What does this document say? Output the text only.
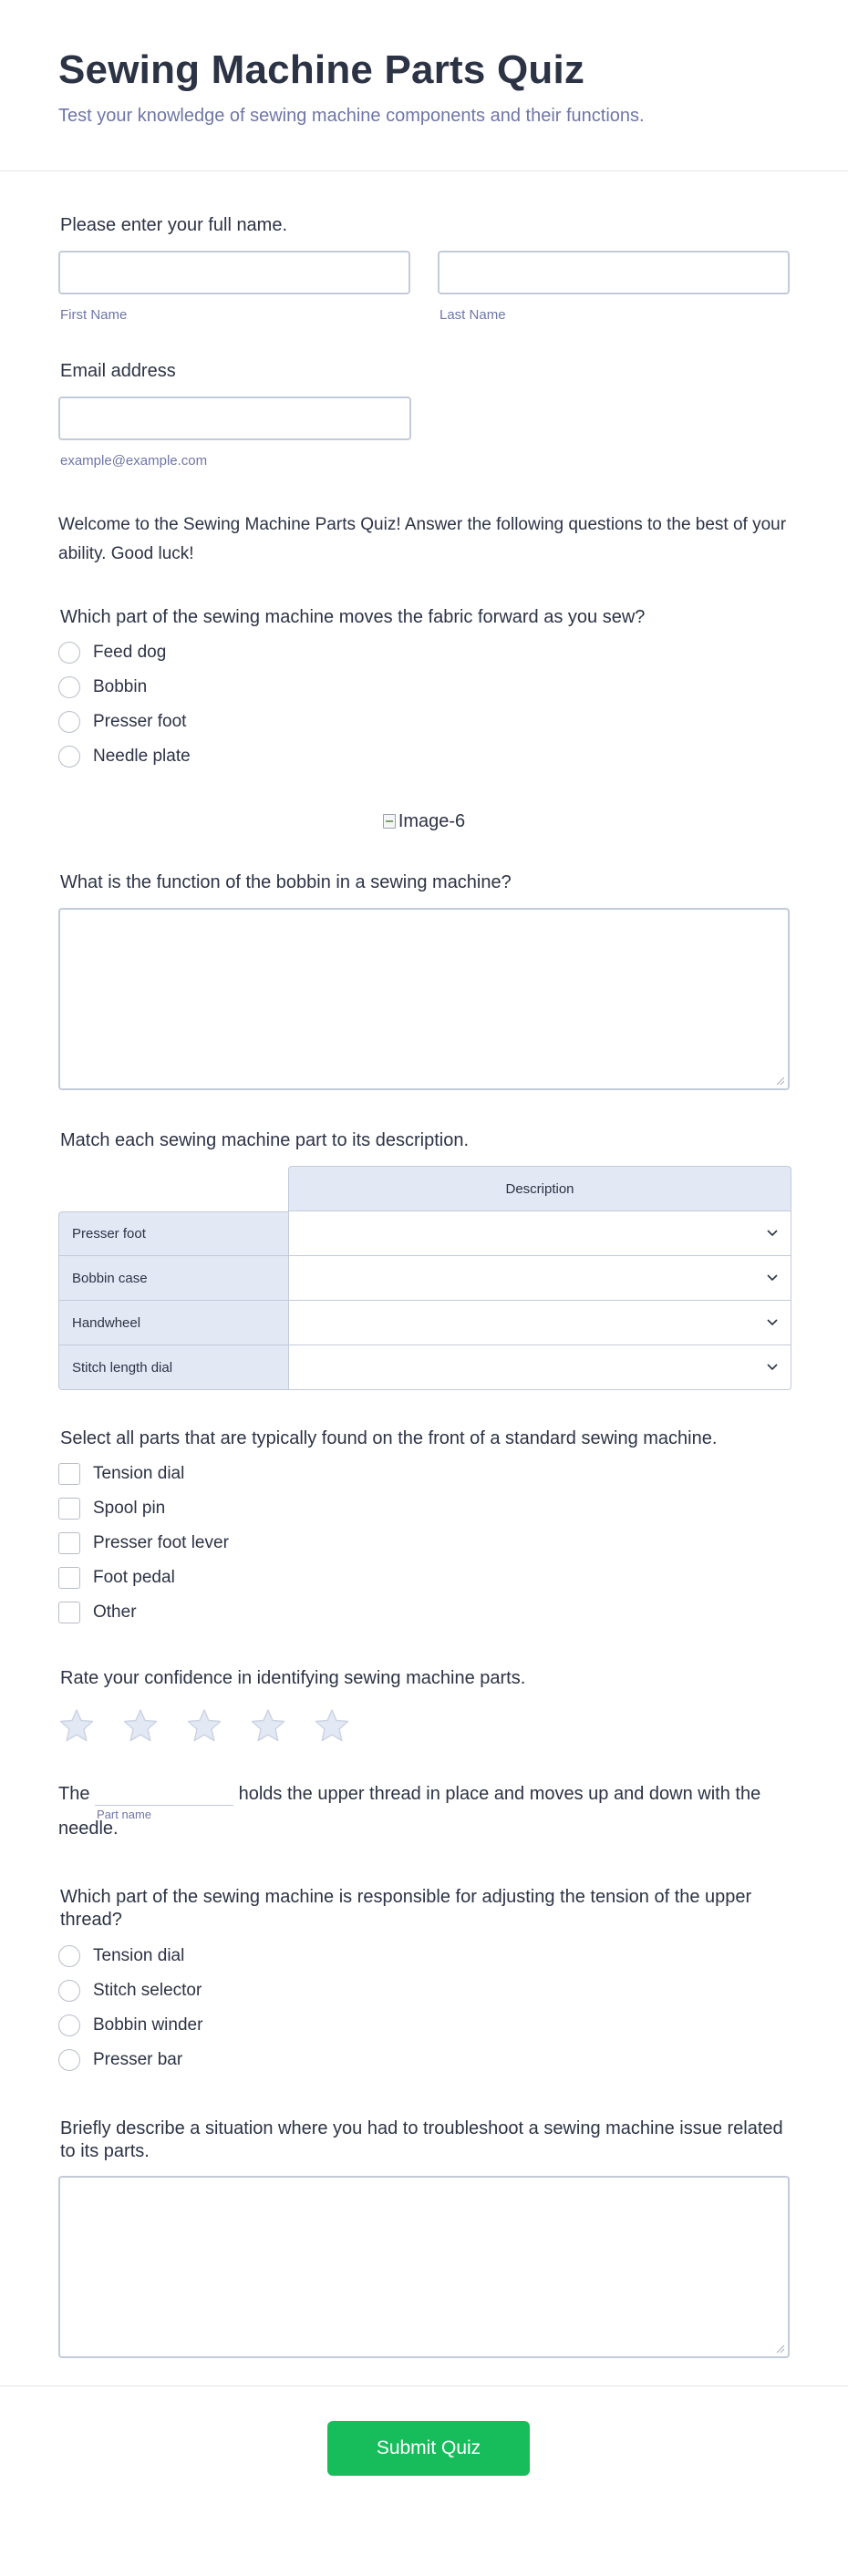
Sewing Machine Parts Quiz
Test your knowledge of sewing machine components and their functions.
Please enter your full name.
First Name	Last Name
Email address
example@example.com
Welcome to the Sewing Machine Parts Quiz! Answer the following questions to the best of your ability. Good luck!
Which part of the sewing machine moves the fabric forward as you sew?
Feed dog
Bobbin
Presser foot
Needle plate
Image-6
What is the function of the bobbin in a sewing machine?
Match each sewing machine part to its description.
	Description
Presser foot	

Bobbin case	

Handwheel	

Stitch length dial	
Select all parts that are typically found on the front of a standard sewing machine.
Tension dial
Spool pin
Presser foot lever
Foot pedal
Other
Rate your confidence in identifying sewing machine parts.
The
Part name
holds the upper thread in place and moves up and down with the needle.
Which part of the sewing machine is responsible for adjusting the tension of the upper thread?
Tension dial
Stitch selector
Bobbin winder
Presser bar
Briefly describe a situation where you had to troubleshoot a sewing machine issue related to its parts.
Submit Quiz
